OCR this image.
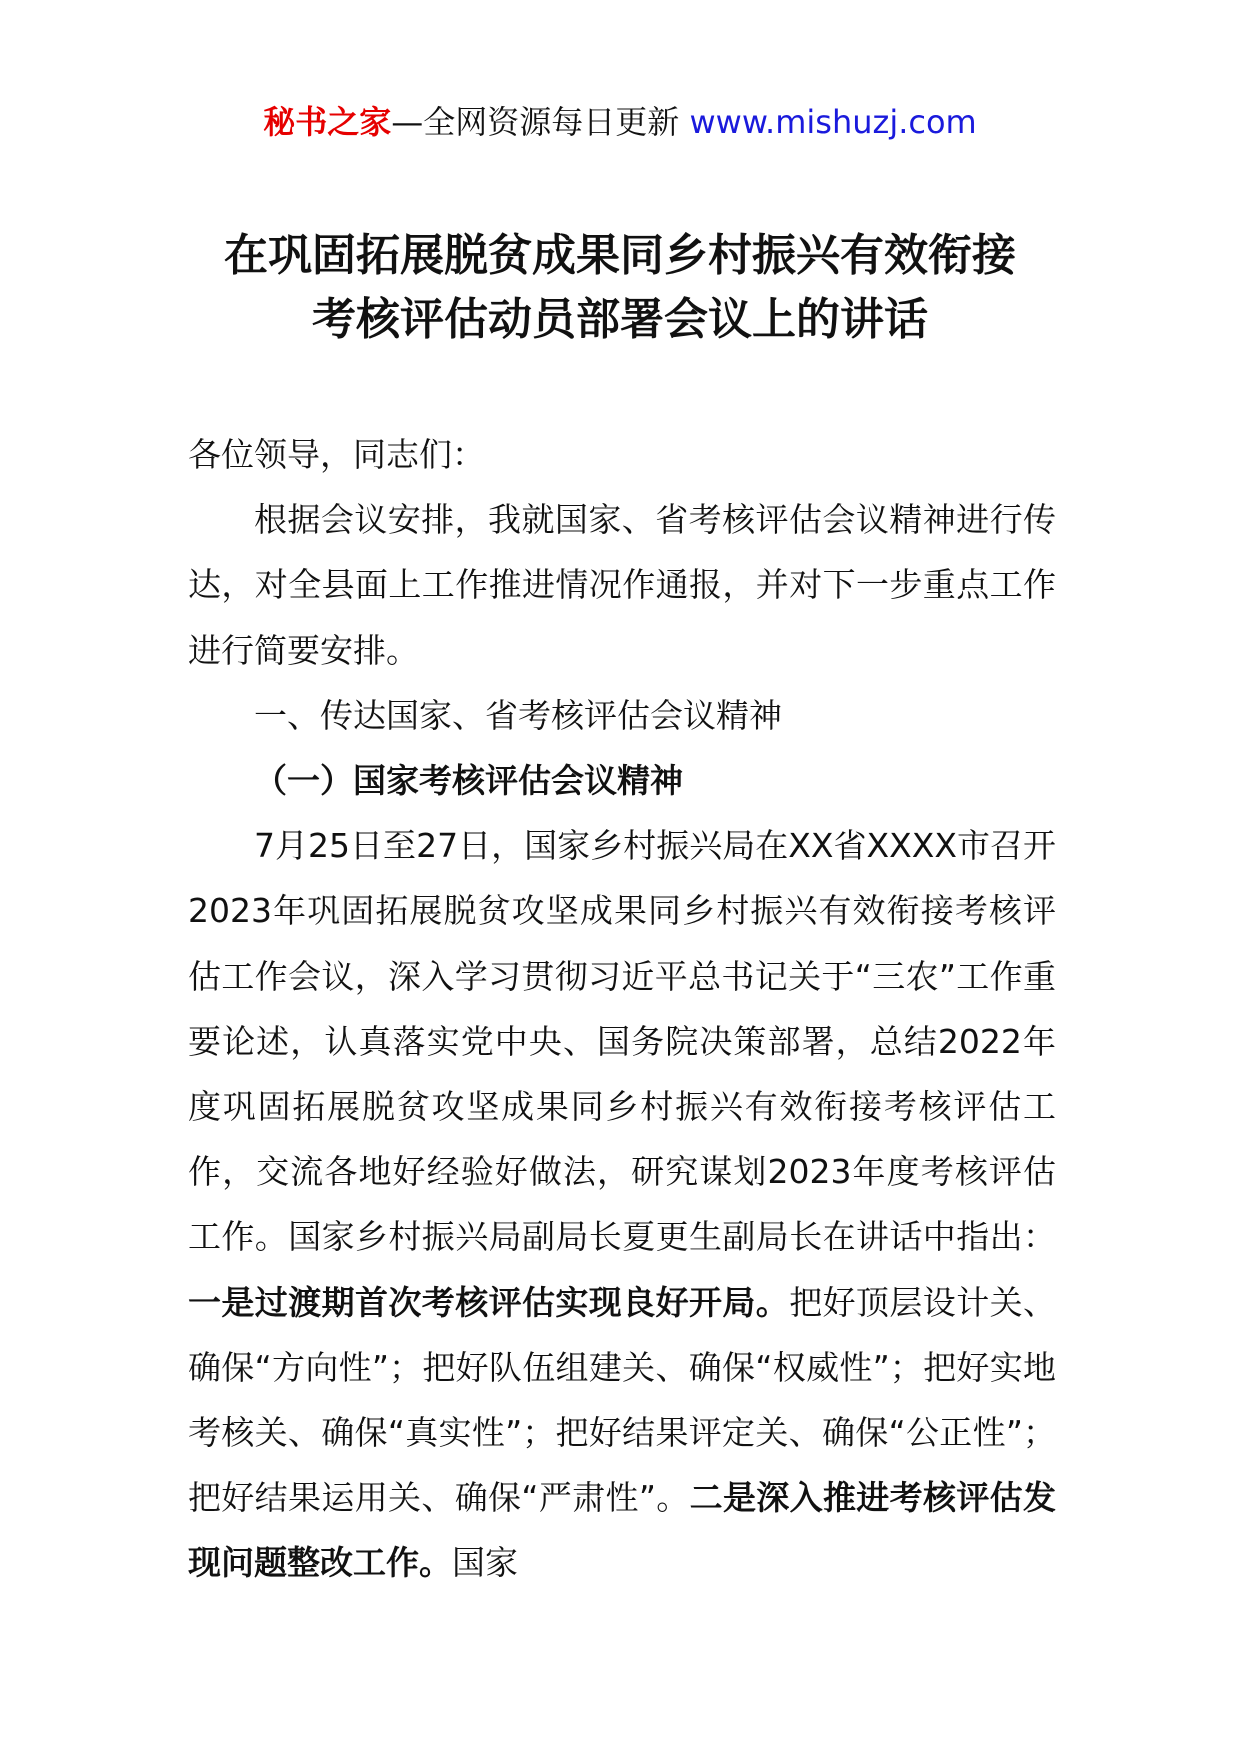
秘书之家—全网资源每日更新 www.mishuzj.com
在巩固拓展脱贫成果同乡村振兴有效衔接
考核评估动员部署会议上的讲话

各位领导，同志们：

根据会议安排，我就国家、省考核评估会议精神进行传达，对全县面上工作推进情况作通报，并对下一步重点工作进行简要安排。

一、传达国家、省考核评估会议精神

（一）国家考核评估会议精神

7月25日至27日，国家乡村振兴局在XX省XXXX市召开2023年巩固拓展脱贫攻坚成果同乡村振兴有效衔接考核评估工作会议，深入学习贯彻习近平总书记关于“三农”工作重要论述，认真落实党中央、国务院决策部署，总结2022年度巩固拓展脱贫攻坚成果同乡村振兴有效衔接考核评估工作，交流各地好经验好做法，研究谋划2023年度考核评估工作。国家乡村振兴局副局长夏更生副局长在讲话中指出：一是过渡期首次考核评估实现良好开局。把好顶层设计关、确保“方向性”；把好队伍组建关、确保“权威性”；把好实地考核关、确保“真实性”；把好结果评定关、确保“公正性”；把好结果运用关、确保“严肃性”。二是深入推进考核评估发现问题整改工作。国家
